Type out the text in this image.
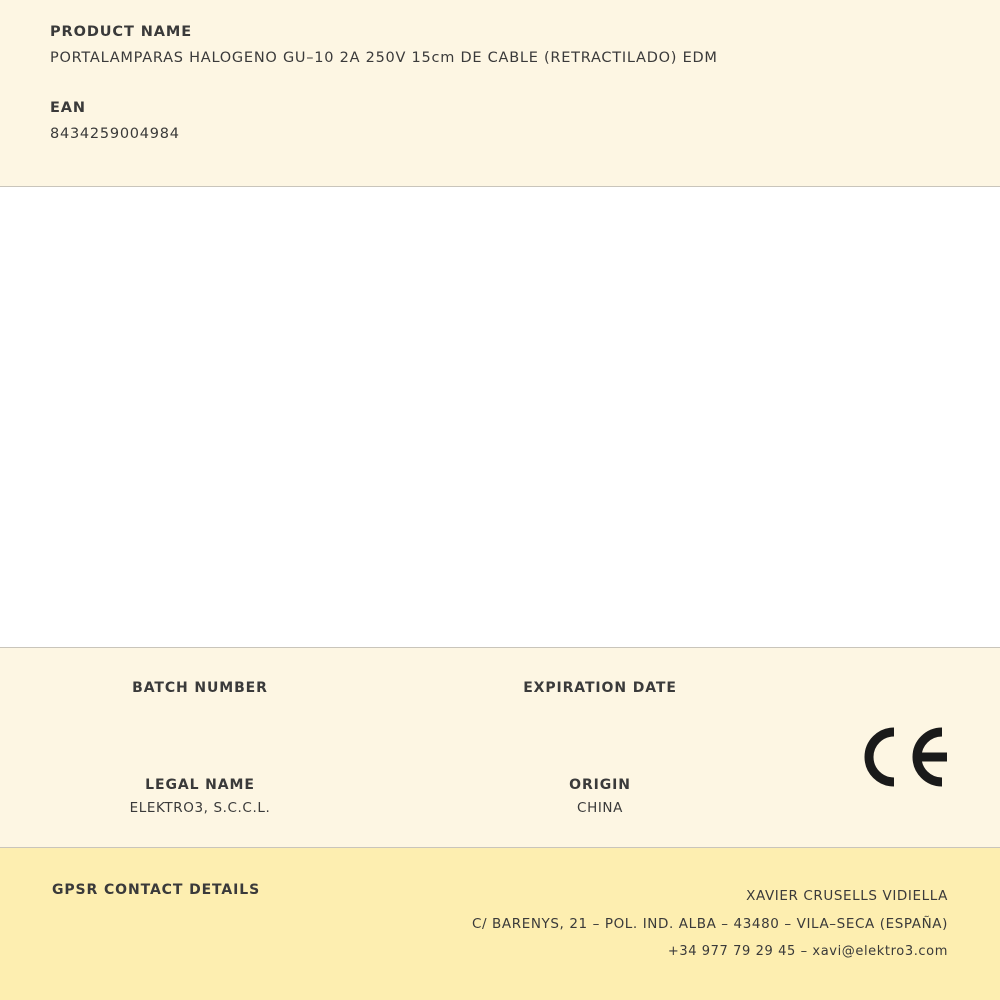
PRODUCT NAME

PORTALAMPARAS HALOGENO GU–10 2A 250V 15cm DE CABLE (RETRACTILADO) EDM

EAN

8434259004984

BATCH NUMBER	EXPIRATION DATE

LEGAL NAME

ELEKTRO3, S.C.C.L.

ORIGIN

CHINA

GPSR CONTACT DETAILS	XAVIER CRUSELLS VIDIELLA
C/ BARENYS, 21 – POL. IND. ALBA – 43480 – VILA–SECA (ESPAÑA)
+34 977 79 29 45 – xavi@elektro3.com
